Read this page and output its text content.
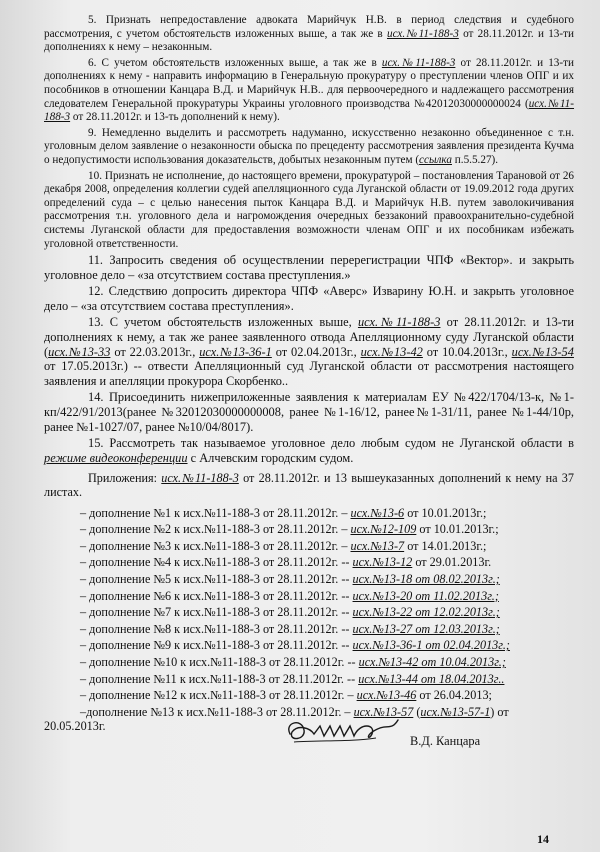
5. Признать непредоставление адвоката Марийчук Н.В. в период следствия и судебного рассмотрения, с учетом обстоятельств изложенных выше, а так же в исх.№11-188-3 от 28.11.2012г. и 13-ти дополнениях к нему – незаконным.

6. С учетом обстоятельств изложенных выше, а так же в исх.№11-188-3 от 28.11.2012г. и 13-ти дополнениях к нему - направить информацию в Генеральную прокуратуру о преступлении членов ОПГ и их пособников в отношении Канцара В.Д. и Марийчук Н.В.. для первоочередного и надлежащего рассмотрения следователем Генеральной прокуратуры Украины уголовного производства №42012030000000024 (исх.№11-188-3 от 28.11.2012г. и 13-ть дополнений к нему).

9. Немедленно выделить и рассмотреть надуманно, искусственно незаконно объединенное с т.н. уголовным делом заявление о незаконности обыска по прецеденту рассмотрения заявления президента Кучма о недопустимости использования доказательств, добытых незаконным путем (ссылка п.5.5.27).

10. Признать не исполнение, до настоящего времени, прокуратурой – постановления Тарановой от 26 декабря 2008, определения коллегии судей апелляционного суда Луганской области от 19.09.2012 года других определений суда – с целью нанесения пыток Канцара В.Д. и Марийчук Н.В. путем заволокичивания рассмотрения т.н. уголовного дела и нагромождения очередных беззаконий правоохранительно-судебной системы Луганской области для предоставления возможности членам ОПГ и их пособникам избежать уголовной ответственности.

11. Запросить сведения об осуществлении перерегистрации ЧПФ «Вектор». и закрыть уголовное дело – «за отсутствием состава преступления.»

12. Следствию допросить директора ЧПФ «Аверс» Изварину Ю.Н. и закрыть уголовное дело – «за отсутствием состава преступления».

13. С учетом обстоятельств изложенных выше, исх.№11-188-3 от 28.11.2012г. и 13-ти дополнениях к нему, а так же ранее заявленного отвода Апелляционному суду Луганской области (исх.№13-33 от 22.03.2013г., исх.№13-36-1 от 02.04.2013г., исх.№13-42 от 10.04.2013г., исх.№13-54 от 17.05.2013г.) -- отвести Апелляционный суд Луганской области от рассмотрения настоящего заявления и апелляции прокурора Скорбенко..

14. Присоединить нижеприложенные заявления к материалам ЕУ №422/1704/13-к, №1-кп/422/91/2013(ранее №32012030000000008, ранее №1-16/12, ранее№1-31/11, ранее №1-44/10р, ранее №1-1027/07, ранее №10/04/8017).

15. Рассмотреть так называемое уголовное дело любым судом не Луганской области в режиме видеоконференции с Алчевским городским судом.

Приложения: исх.№11-188-3 от 28.11.2012г. и 13 вышеуказанных дополнений к нему на 37 листах.

– дополнение №1 к исх.№11-188-3 от 28.11.2012г. – исх.№13-6 от 10.01.2013г.;
– дополнение №2 к исх.№11-188-3 от 28.11.2012г. – исх.№12-109 от 10.01.2013г.;
– дополнение №3 к исх.№11-188-3 от 28.11.2012г. – исх.№13-7 от 14.01.2013г.;
– дополнение №4 к исх.№11-188-3 от 28.11.2012г. -- исх.№13-12 от 29.01.2013г.
– дополнение №5 к исх.№11-188-3 от 28.11.2012г. -- исх.№13-18 от 08.02.2013г.;
– дополнение №6 к исх.№11-188-3 от 28.11.2012г. -- исх.№13-20 от 11.02.2013г.;
– дополнение №7 к исх.№11-188-3 от 28.11.2012г. -- исх.№13-22 от 12.02.2013г.;
– дополнение №8 к исх.№11-188-3 от 28.11.2012г. -- исх.№13-27 от 12.03.2013г.;
– дополнение №9 к исх.№11-188-3 от 28.11.2012г. -- исх.№13-36-1 от 02.04.2013г.;
– дополнение №10 к исх.№11-188-3 от 28.11.2012г. -- исх.№13-42 от 10.04.2013г.;
– дополнение №11 к исх.№11-188-3 от 28.11.2012г. -- исх.№13-44 от 18.04.2013г..
– дополнение №12 к исх.№11-188-3 от 28.11.2012г. – исх.№13-46 от 26.04.2013;
–дополнение №13 к исх.№11-188-3 от 28.11.2012г. – исх.№13-57 (исх.№13-57-1) от
20.05.2013г.
В.Д. Канцара
14
